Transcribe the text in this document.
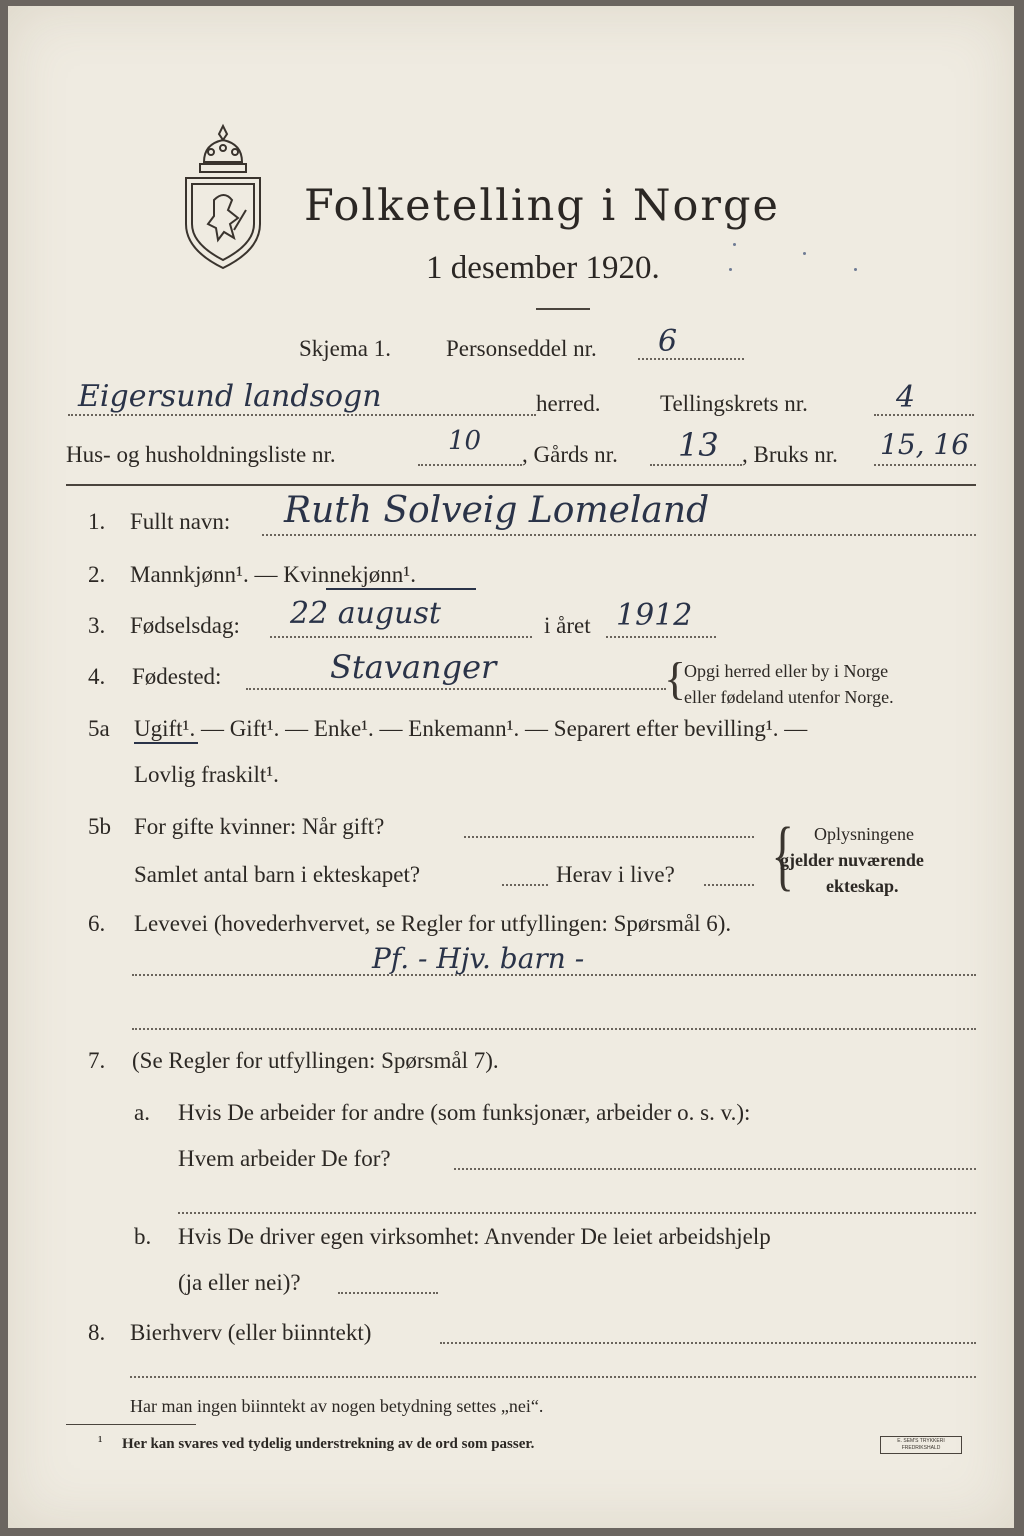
Folketelling i Norge
1 desember 1920.
Skjema 1. Personseddel nr. 6
Eigersund landsogn	herred.	Tellingskrets nr.	4
Hus- og husholdningsliste nr.	10 , Gårds nr. 13 , Bruks nr. 15, 16
1. Fullt navn: Ruth Solveig Lomeland
2. Mannkjønn¹. — Kvinnekjønn¹.
3. Fødselsdag: 22 august	i året 1912
4. Fødested:	Stavanger	{
Opgi herred eller by i Norge
eller fødeland utenfor Norge.
5a Ugift¹. — Gift¹. — Enke¹. — Enkemann¹. — Separert efter bevilling¹. —
Lovlig fraskilt¹.
5b For gifte kvinner: Når gift?
Samlet antal barn i ekteskapet?	Herav i live? { Oplysningene
gjelder nuværende
ekteskap.
6. Levevei (hovederhvervet, se Regler for utfyllingen: Spørsmål 6).
Pf. - Hjv. barn -
7. (Se Regler for utfyllingen: Spørsmål 7).
a. Hvis De arbeider for andre (som funksjonær, arbeider o. s. v.):
Hvem arbeider De for?
b. Hvis De driver egen virksomhet: Anvender De leiet arbeidshjelp
(ja eller nei)?
8. Bierhverv (eller biinntekt)
Har man ingen biinntekt av nogen betydning settes „nei“.
¹ Her kan svares ved tydelig understrekning av de ord som passer.	E. SEM'S TRYKKERI FREDRIKSHALD
